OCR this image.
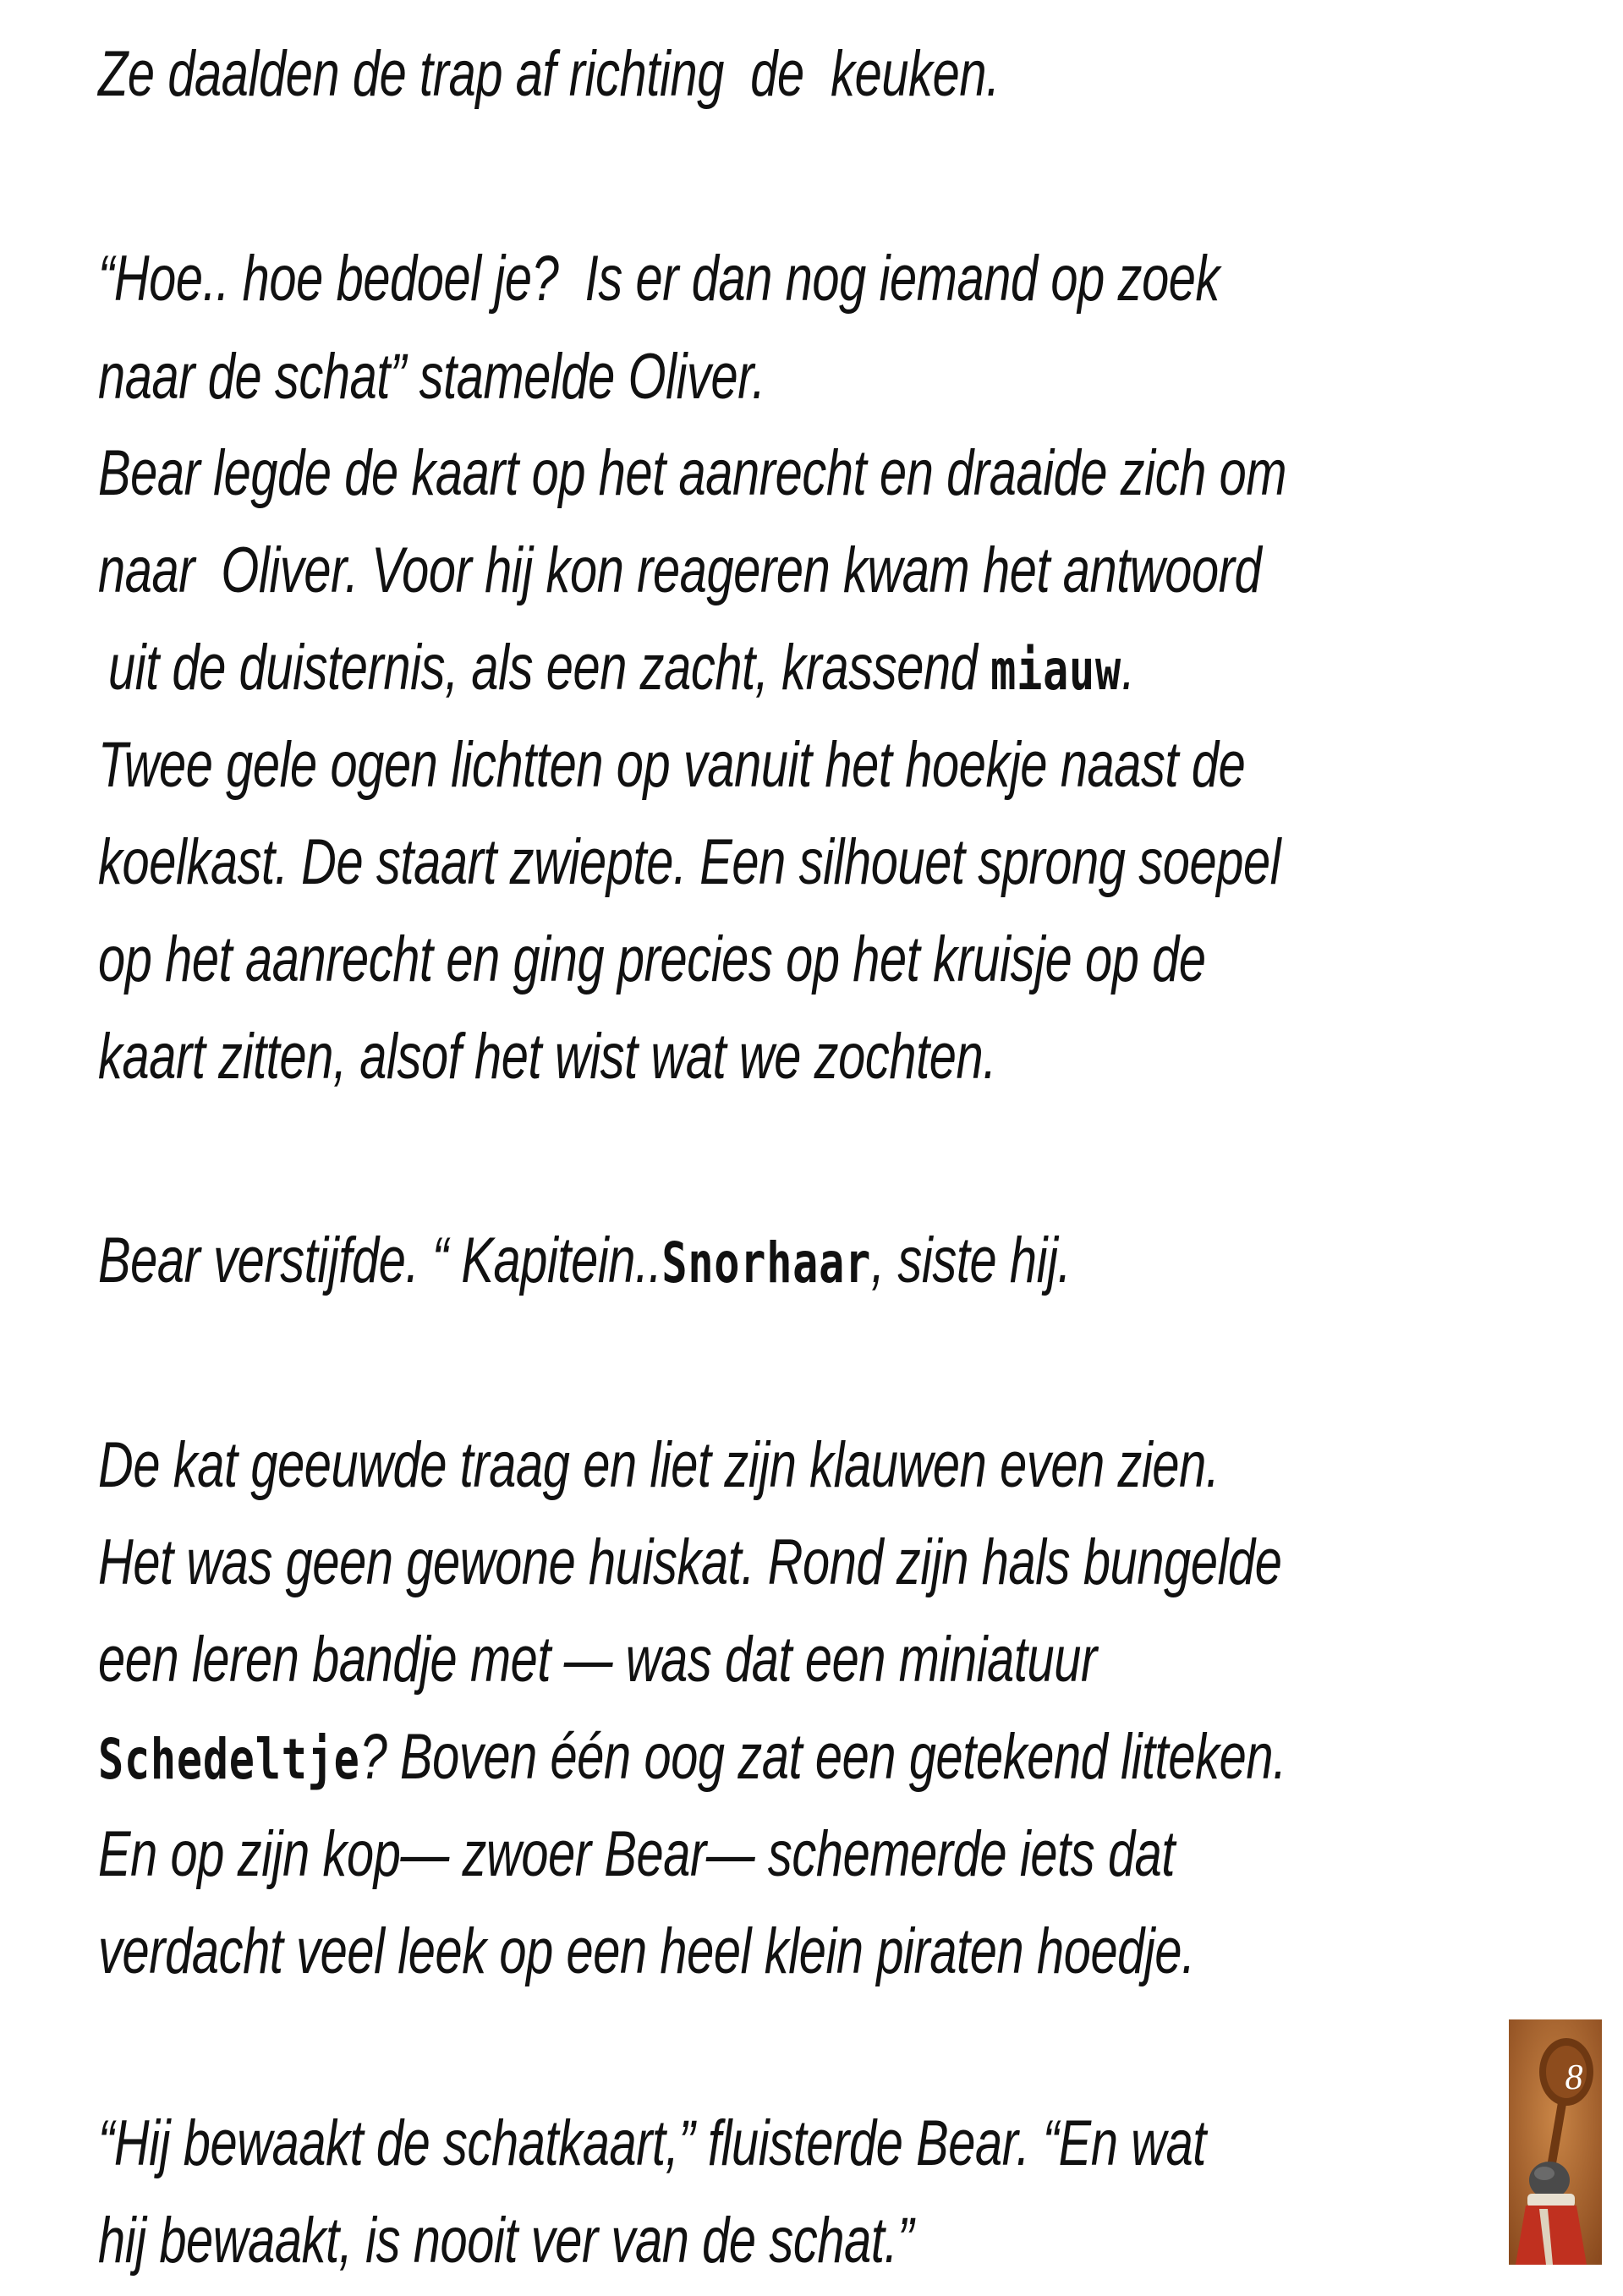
Ze daalden de trap af richting  de  keuken.

“Hoe.. hoe bedoel je?  Is er dan nog iemand op zoek

naar de schat” stamelde Oliver.

Bear legde de kaart op het aanrecht en draaide zich om

naar  Oliver. Voor hij kon reageren kwam het antwoord

uit de duisternis, als een zacht, krassend miauw.

Twee gele ogen lichtten op vanuit het hoekje naast de

koelkast. De staart zwiepte. Een silhouet sprong soepel

op het aanrecht en ging precies op het kruisje op de

kaart zitten, alsof het wist wat we zochten.

Bear verstijfde. “ Kapitein..Snorhaar, siste hij.

De kat geeuwde traag en liet zijn klauwen even zien.

Het was geen gewone huiskat. Rond zijn hals bungelde

een leren bandje met — was dat een miniatuur

Schedeltje? Boven één oog zat een getekend litteken.

En op zijn kop— zwoer Bear— schemerde iets dat

verdacht veel leek op een heel klein piraten hoedje.

“Hij bewaakt de schatkaart,” fluisterde Bear. “En wat

hij bewaakt, is nooit ver van de schat.”

8
